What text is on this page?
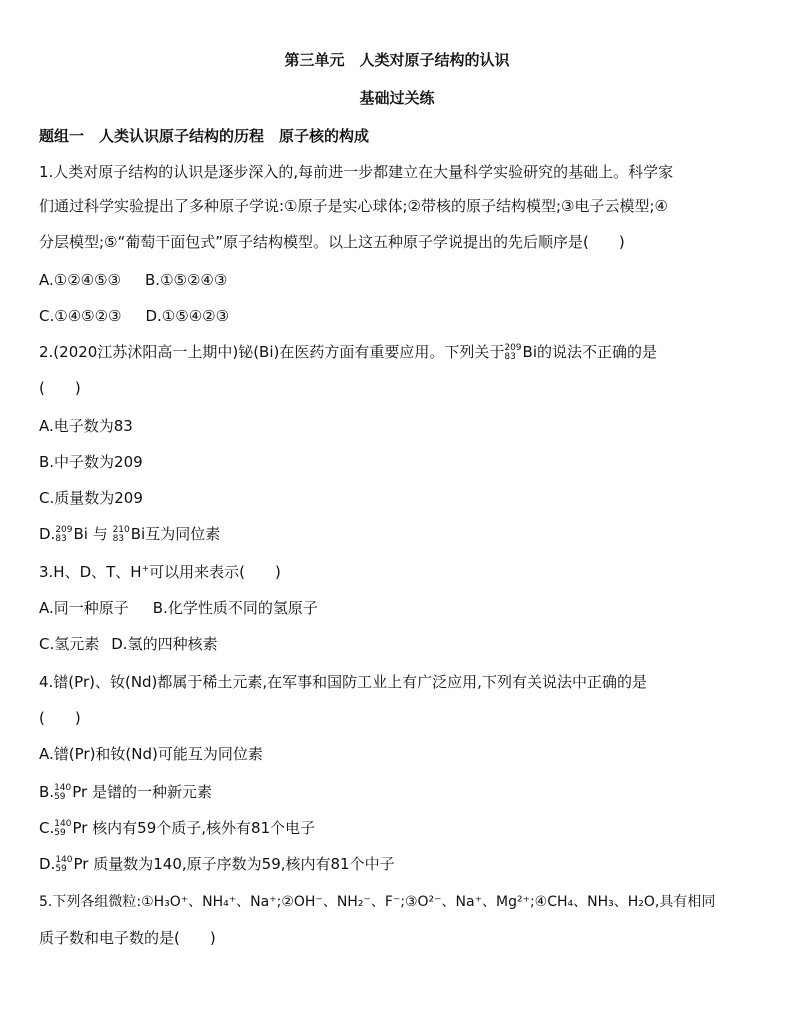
第三单元　人类对原子结构的认识
基础过关练
题组一　人类认识原子结构的历程　原子核的构成
1.人类对原子结构的认识是逐步深入的,每前进一步都建立在大量科学实验研究的基础上。科学家
们通过科学实验提出了多种原子学说:①原子是实心球体;②带核的原子结构模型;③电子云模型;④
分层模型;⑤“葡萄干面包式”原子结构模型。以上这五种原子学说提出的先后顺序是(　　)
A.①②④⑤③ B.①⑤②④③
C.①④⑤②③ D.①⑤④②③
2.(2020江苏沭阳高一上期中)铋(Bi)在医药方面有重要应用。下列关于 209
83 Bi的说法不正确的是
(　　)
A.电子数为83
B.中子数为209
C.质量数为209
D. 209
83 Bi 与 210
83 Bi互为同位素
3.H、D、T、H+可以用来表示(　　)
A.同一种原子 B.化学性质不同的氢原子
C.氢元素 D.氢的四种核素
4.镨(Pr)、钕(Nd)都属于稀土元素,在军事和国防工业上有广泛应用,下列有关说法中正确的是
(　　)
A.镨(Pr)和钕(Nd)可能互为同位素
B. 140
59 Pr 是镨的一种新元素
C. 140
59 Pr 核内有59个质子,核外有81个电子
D. 140
59 Pr 质量数为140,原子序数为59,核内有81个中子
5.下列各组微粒:①H₃O⁺、NH₄⁺、Na⁺;②OH⁻、NH₂⁻、F⁻;③O²⁻、Na⁺、Mg²⁺;④CH₄、NH₃、H₂O,具有相同
质子数和电子数的是(　　)
